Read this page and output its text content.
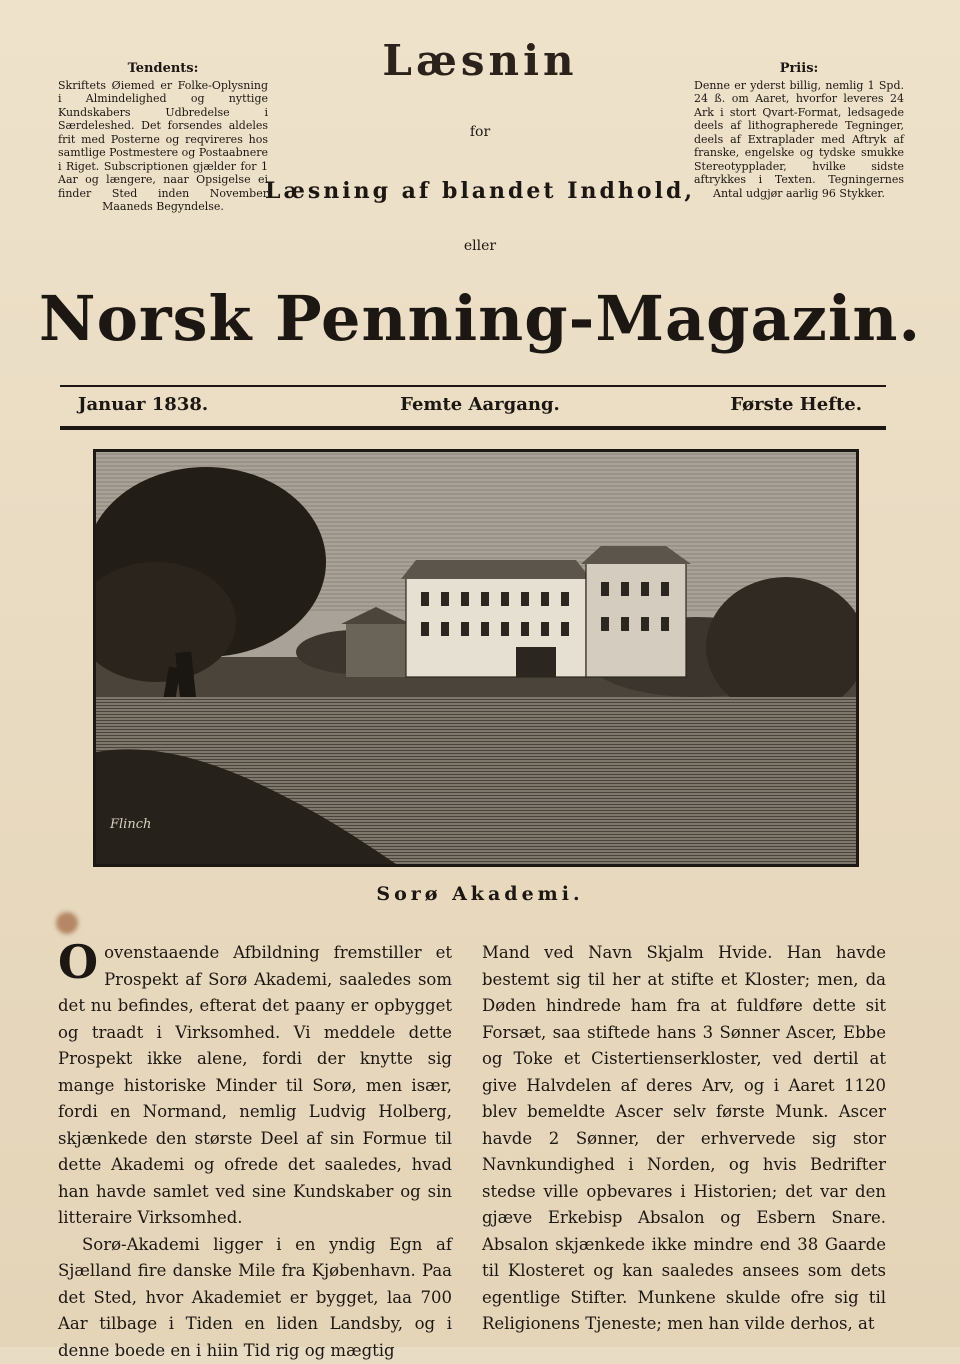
Tendents:

Skriftets Øiemed er Folke-Oplysning i Almindelighed og nyttige Kundskabers Udbredelse i Særdeleshed. Det forsendes aldeles frit med Posterne og reqvireres hos samtlige Postmestere og Postaabnere i Riget. Subscriptionen gjælder for 1 Aar og længere, naar Opsigelse ei finder Sted inden November Maaneds Begyndelse.

Læsnin
for
Læsning af blandet Indhold,
eller
Priis:

Denne er yderst billig, nemlig 1 Spd. 24 ß. om Aaret, hvorfor leveres 24 Ark i stort Qvart-Format, ledsagede deels af lithographerede Tegninger, deels af Extraplader med Aftryk af franske, engelske og tydske smukke Stereotypplader, hvilke sidste aftrykkes i Texten. Tegningernes Antal udgjør aarlig 96 Stykker.

Norsk Penning-Magazin.
Januar 1838.	Femte Aargang.	Første Hefte.
Flinch
Sorø Akademi.

Oovenstaaende Afbildning fremstiller et Prospekt af Sorø Akademi, saaledes som det nu befindes, efterat det paany er opbygget og traadt i Virksomhed. Vi meddele dette Prospekt ikke alene, fordi der knytte sig mange historiske Minder til Sorø, men især, fordi en Normand, nemlig Ludvig Holberg, skjænkede den største Deel af sin Formue til dette Akademi og ofrede det saaledes, hvad han havde samlet ved sine Kundskaber og sin litteraire Virksomhed.

Sorø-Akademi ligger i en yndig Egn af Sjælland fire danske Mile fra Kjøbenhavn. Paa det Sted, hvor Akademiet er bygget, laa 700 Aar tilbage i Tiden en liden Landsby, og i denne boede en i hiin Tid rig og mægtig

Mand ved Navn Skjalm Hvide. Han havde bestemt sig til her at stifte et Kloster; men, da Døden hindrede ham fra at fuldføre dette sit Forsæt, saa stiftede hans 3 Sønner Ascer, Ebbe og Toke et Cistertienserkloster, ved dertil at give Halvdelen af deres Arv, og i Aaret 1120 blev bemeldte Ascer selv første Munk. Ascer havde 2 Sønner, der erhvervede sig stor Navnkundighed i Norden, og hvis Bedrifter stedse ville opbevares i Historien; det var den gjæve Erkebisp Absalon og Esbern Snare. Absalon skjænkede ikke mindre end 38 Gaarde til Klosteret og kan saaledes ansees som dets egentlige Stifter. Munkene skulde ofre sig til Religionens Tjeneste; men han vilde derhos, at
